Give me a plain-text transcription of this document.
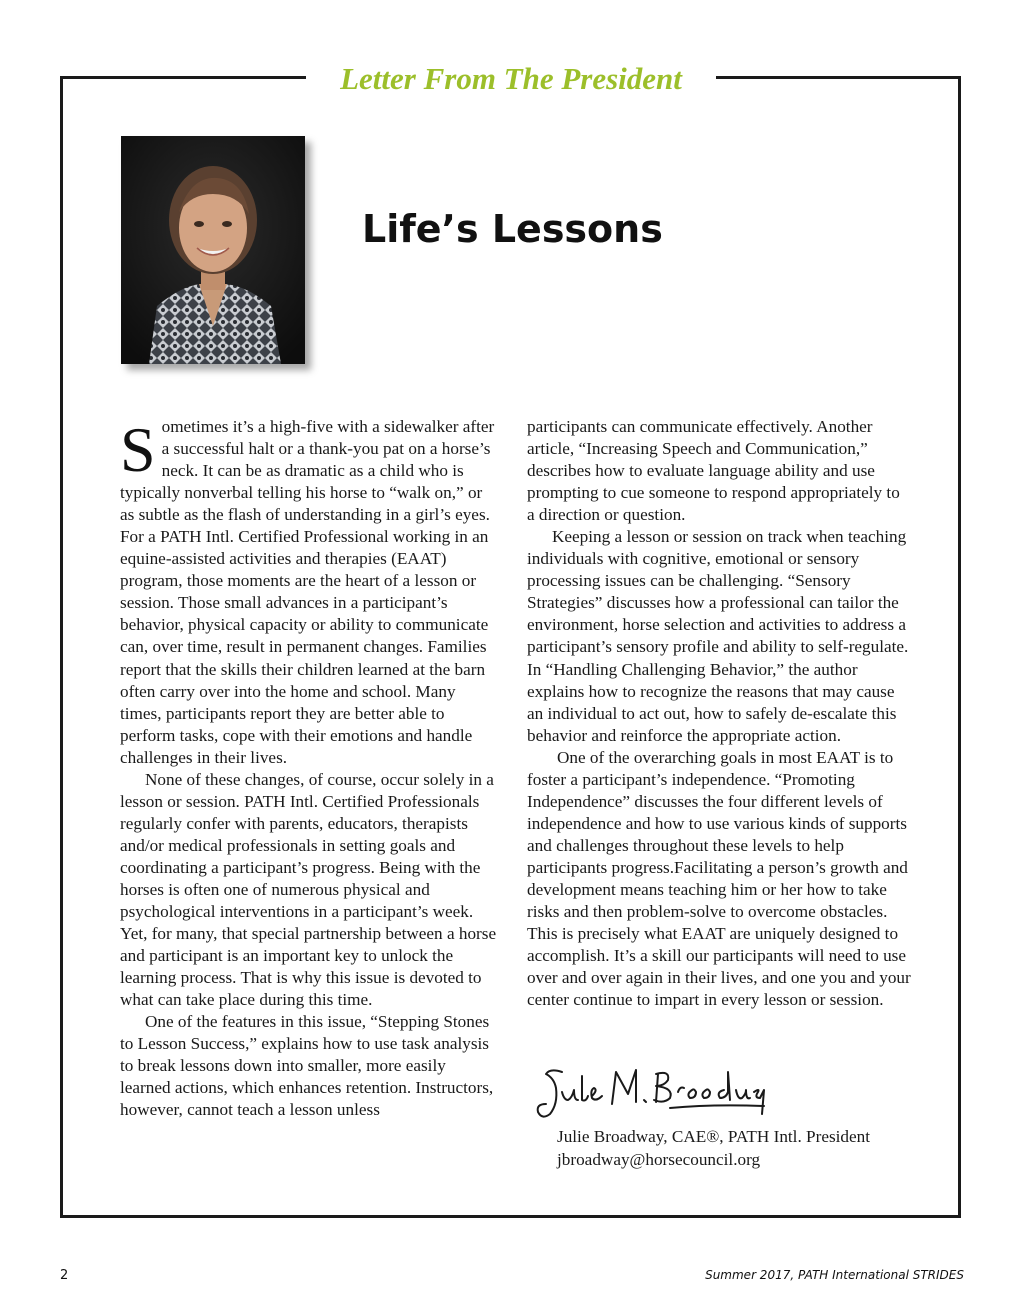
Letter From The President
Life’s Lessons

Sometimes it’s a high-five with a sidewalker after a successful halt or a thank-you pat on a horse’s neck. It can be as dramatic as a child who is typically nonverbal telling his horse to “walk on,” or as subtle as the flash of understanding in a girl’s eyes. For a PATH Intl. Certified Professional working in an equine-assisted activities and therapies (EAAT) program, those moments are the heart of a lesson or session. Those small advances in a participant’s behavior, physical capacity or ability to communicate can, over time, result in permanent changes. Families report that the skills their children learned at the barn often carry over into the home and school. Many times, participants report they are better able to perform tasks, cope with their emotions and handle challenges in their lives.

None of these changes, of course, occur solely in a lesson or session. PATH Intl. Certified Professionals regularly confer with parents, educators, therapists and/or medical professionals in setting goals and coordinating a participant’s progress. Being with the horses is often one of numerous physical and psychological interventions in a participant’s week. Yet, for many, that special partnership between a horse and participant is an important key to unlock the learning process. That is why this issue is devoted to what can take place during this time.

One of the features in this issue, “Stepping Stones to Lesson Success,” explains how to use task analysis to break lessons down into smaller, more easily learned actions, which enhances retention. Instructors, however, cannot teach a lesson unless

participants can communicate effectively. Another article, “Increasing Speech and Communication,” describes how to evaluate language ability and use prompting to cue someone to respond appropriately to a direction or question.

Keeping a lesson or session on track when teaching individuals with cognitive, emotional or sensory processing issues can be challenging. “Sensory Strategies” discusses how a professional can tailor the environment, horse selection and activities to address a participant’s sensory profile and ability to self-regulate. In “Handling Challenging Behavior,” the author explains how to recognize the reasons that may cause an individual to act out, how to safely de-escalate this behavior and reinforce the appropriate action.

One of the overarching goals in most EAAT is to foster a participant’s independence. “Promoting Independence” discusses the four different levels of independence and how to use various kinds of supports and challenges throughout these levels to help participants progress.Facilitating a person’s growth and development means teaching him or her how to take risks and then problem-solve to overcome obstacles. This is precisely what EAAT are uniquely designed to accomplish. It’s a skill our participants will need to use over and over again in their lives, and one you and your center continue to impart in every lesson or session.

Julie Broadway, CAE®, PATH Intl. President
jbroadway@horsecouncil.org
2	Summer 2017, PATH International STRIDES
